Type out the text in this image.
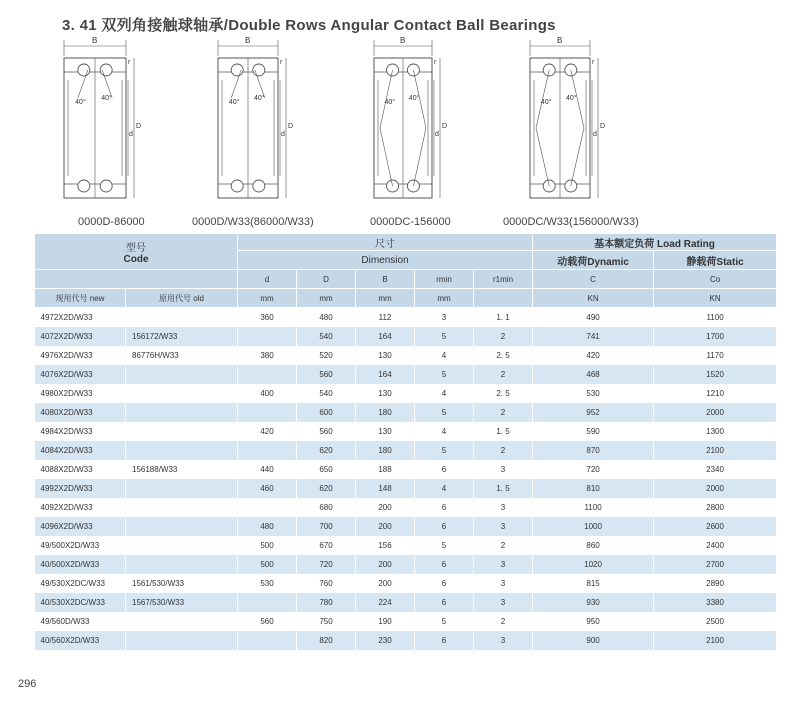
3. 41 双列角接触球轴承/Double Rows Angular Contact Ball Bearings
B
40°
40°
D
d
r
B
40°
40°
D
d
r
B
40°
40°
D
d
r
B
40°
40°
D
d
r
0000D-86000	0000D/W33(86000/W33)	0000DC-156000	0000DC/W33(156000/W33)
型号
Code		尺寸					基本额定负荷 Load Rating	
		Dimension					动载荷Dynamic	静载荷Static
		d	D	B	rmin	r1min	C	Co
现用代号 new	原用代号 old	mm	mm	mm	mm		KN	KN
4972X2D/W33		360	480	112	3	1. 1	490	1100
4072X2D/W33	156172/W33		540	164	5	2	741	1700
4976X2D/W33	86776H/W33	380	520	130	4	2. 5	420	1170
4076X2D/W33			560	164	5	2	468	1520
4980X2D/W33		400	540	130	4	2. 5	530	1210
4080X2D/W33			600	180	5	2	952	2000
4984X2D/W33		420	560	130	4	1. 5	590	1300
4084X2D/W33			620	180	5	2	870	2100
4088X2D/W33	156188/W33	440	650	188	6	3	720	2340
4992X2D/W33		460	620	148	4	1. 5	810	2000
4092X2D/W33			680	200	6	3	1100	2800
4096X2D/W33		480	700	200	6	3	1000	2600
49/500X2D/W33		500	670	156	5	2	860	2400
40/500X2D/W33		500	720	200	6	3	1020	2700
49/530X2DC/W33	1561/530/W33	530	760	200	6	3	815	2890
40/530X2DC/W33	1567/530/W33		780	224	6	3	930	3380
49/560D/W33		560	750	190	5	2	950	2500
40/560X2D/W33			820	230	6	3	900	2100
296
